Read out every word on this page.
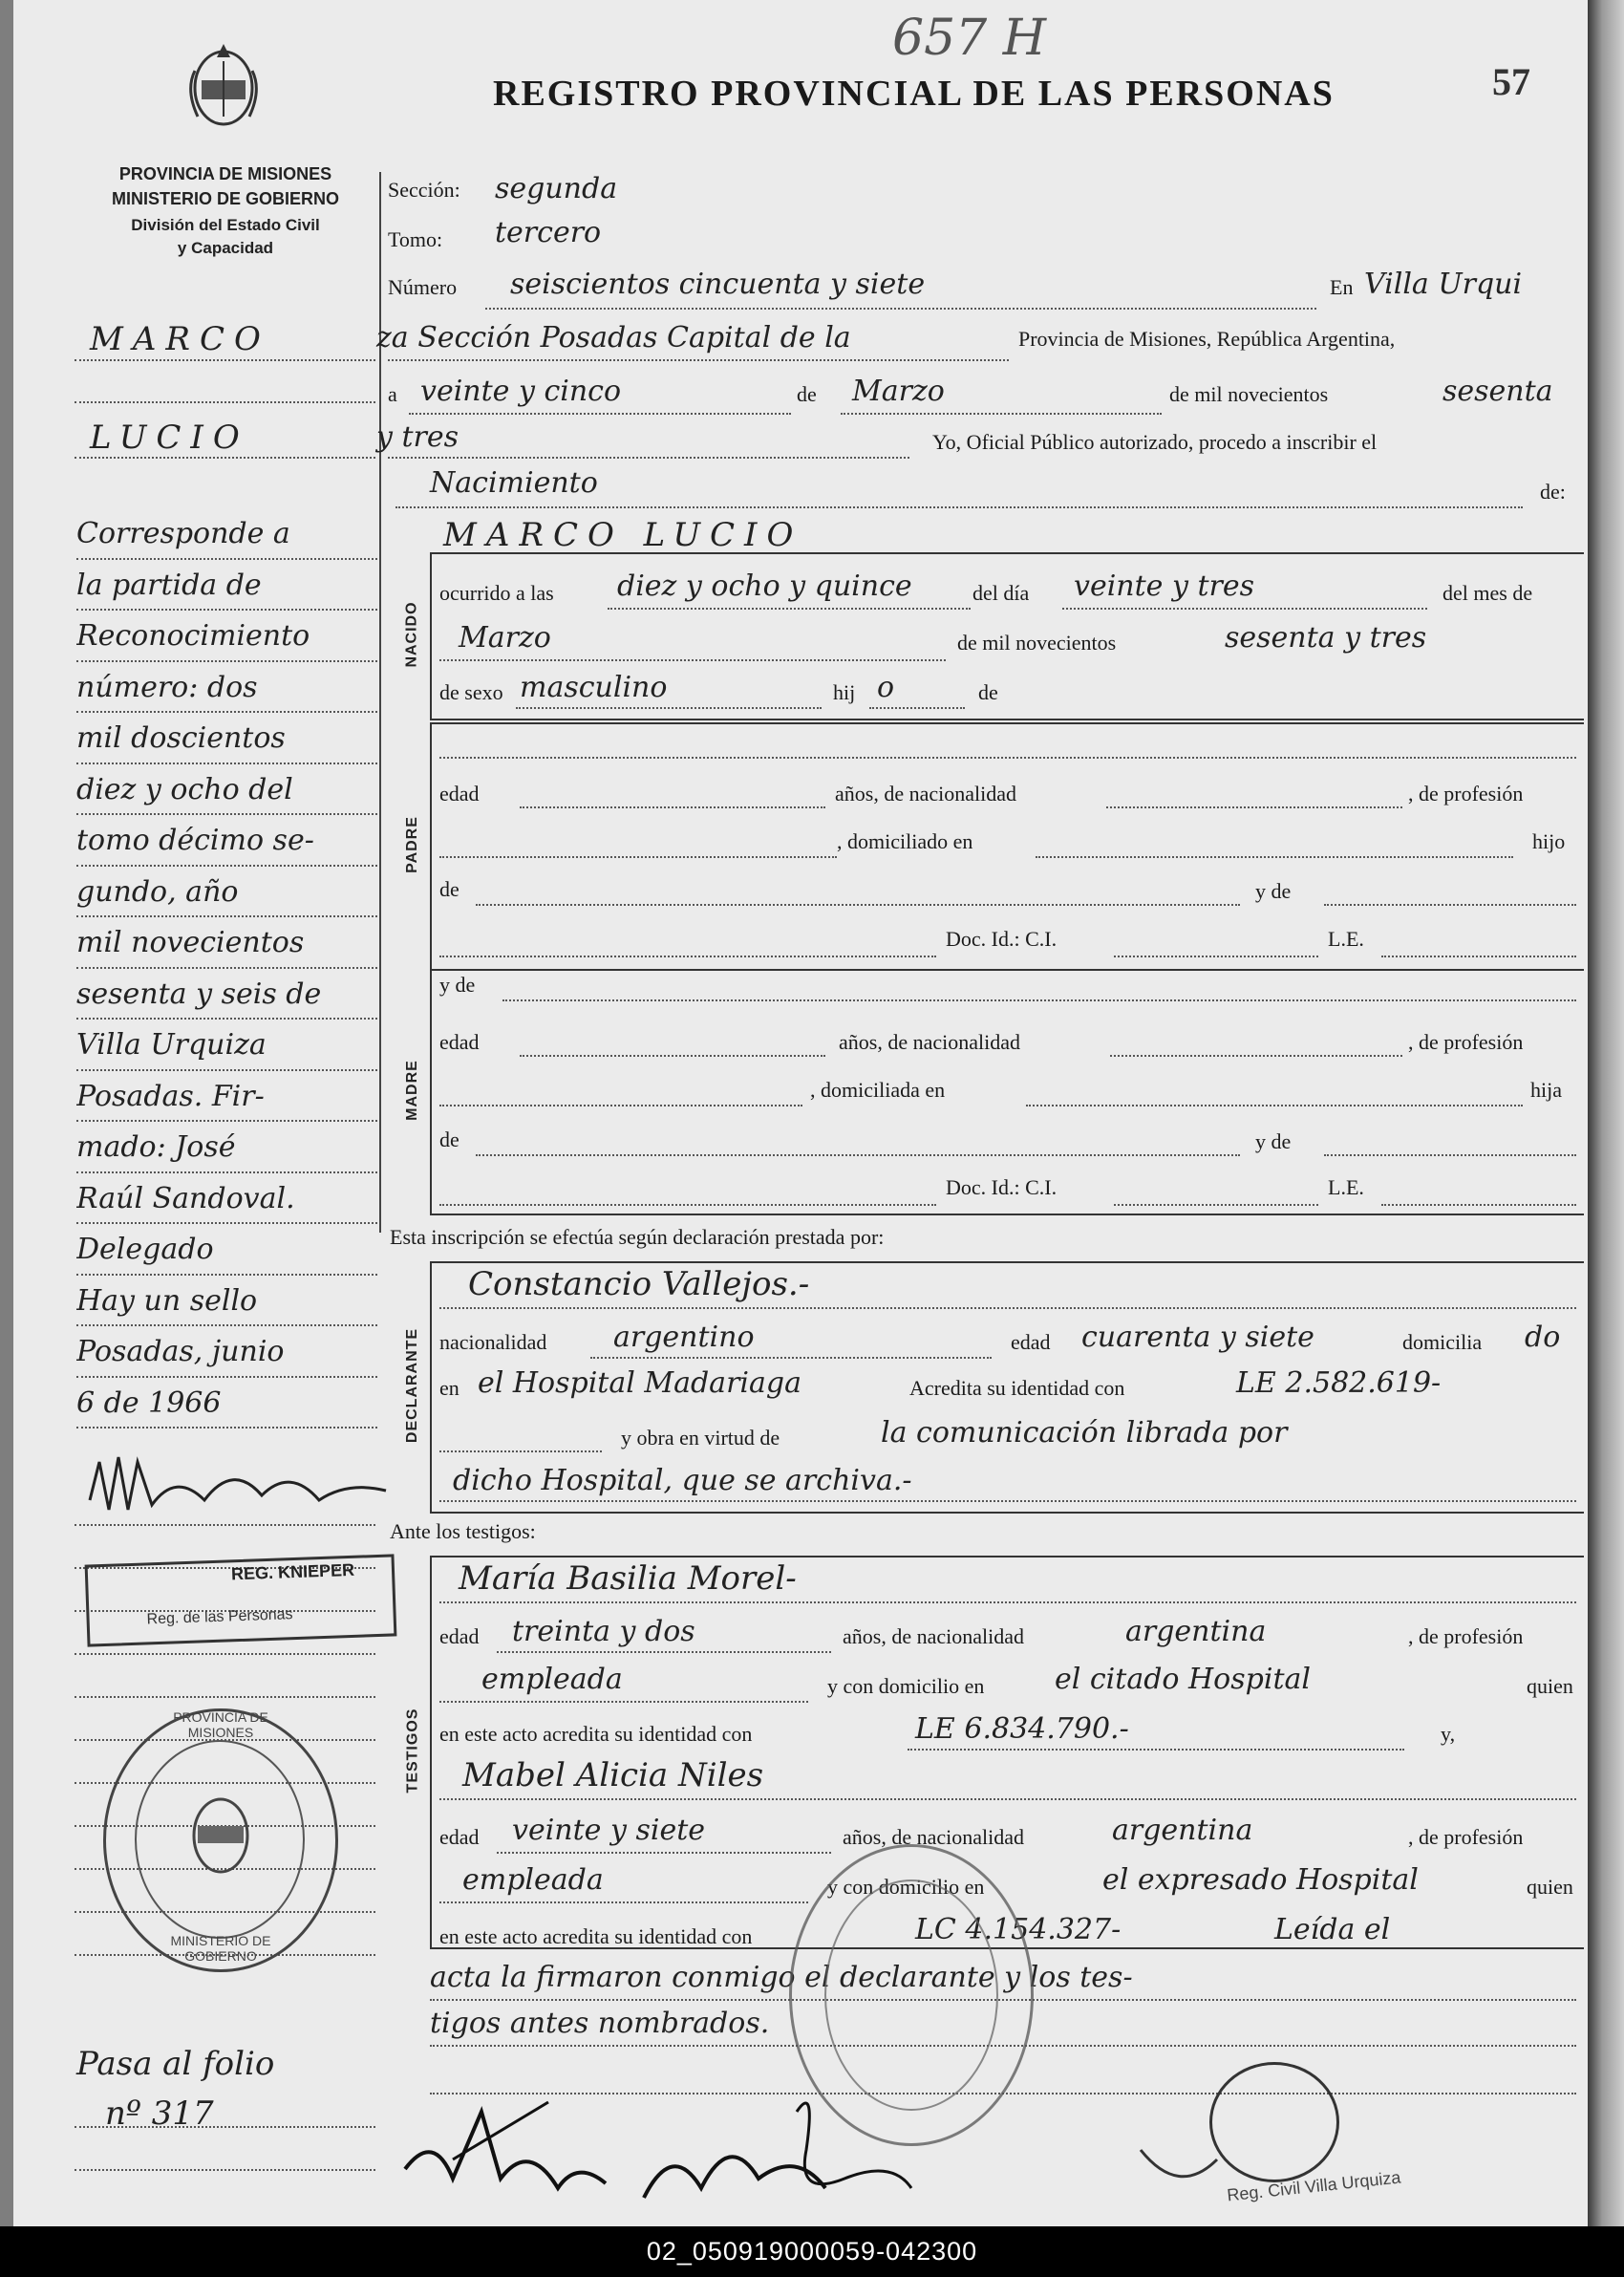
PROVINCIA DE MISIONES
MINISTERIO DE GOBIERNO
División del Estado Civil
y Capacidad
REGISTRO PROVINCIAL DE LAS PERSONAS	57
657 H
MARCO
LUCIO
Corresponde a
la partida de
Reconocimiento
número: dos
mil doscientos
diez y ocho del
tomo décimo se-
gundo, año
mil novecientos
sesenta y seis de
Villa Urquiza
Posadas. Fir-
mado: José
Raúl Sandoval.
Delegado
Hay un sello
Posadas, junio
6 de 1966
REG. KNIEPER
Reg. de las Personas
PROVINCIA DE MISIONES
MINISTERIO DE GOBIERNO
Pasa al folio
nº 317
Sección: segunda
Tomo: tercero
Número seiscientos cincuenta y siete	En Villa Urqui
za Sección Posadas Capital de la	Provincia de Misiones, República Argentina,
a veinte y cinco	de Marzo	de mil novecientos	sesenta
y tres	Yo, Oficial Público autorizado, procedo a inscribir el
Nacimiento	de:
MARCO LUCIO
NACIDO
ocurrido a las diez y ocho y quince	del día veinte y tres	del mes de
Marzo	de mil novecientos	sesenta y tres
de sexo masculino	hij o	de
PADRE
edad	años, de nacionalidad	, de profesión
, domiciliado en	hijo
de	y de
Doc. Id.: C.I.	L.E.
MADRE
y de
edad	años, de nacionalidad	, de profesión
, domiciliada en	hija
de	y de
Doc. Id.: C.I.	L.E.
Esta inscripción se efectúa según declaración prestada por:
DECLARANTE
Constancio Vallejos.-
nacionalidad argentino	edad cuarenta y siete	domicilia do
en el Hospital Madariaga	Acredita su identidad con	LE 2.582.619-
y obra en virtud de	la comunicación librada por
dicho Hospital, que se archiva.-
Ante los testigos:
TESTIGOS
María Basilia Morel-
edad treinta y dos	años, de nacionalidad	argentina	, de profesión
empleada	y con domicilio en el citado Hospital	quien
en este acto acredita su identidad con	LE 6.834.790.-	y,
Mabel Alicia Niles
edad veinte y siete	años, de nacionalidad	argentina	, de profesión
empleada	y con domicilio en	el expresado Hospital	quien
en este acto acredita su identidad con	LC 4.154.327-	Leída el
acta la firmaron conmigo el declarante y los tes-
tigos antes nombrados.
Reg. Civil Villa Urquiza
02_050919000059-042300
